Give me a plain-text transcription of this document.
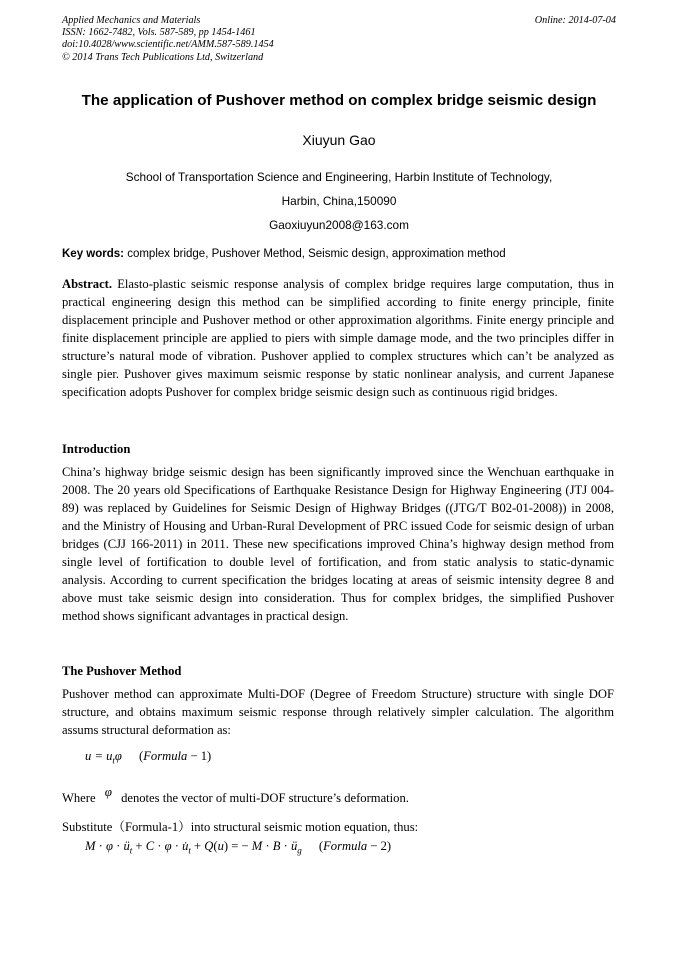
Applied Mechanics and Materials
ISSN: 1662-7482, Vols. 587-589, pp 1454-1461
doi:10.4028/www.scientific.net/AMM.587-589.1454
© 2014 Trans Tech Publications Ltd, Switzerland
Online: 2014-07-04
The application of Pushover method on complex bridge seismic design
Xiuyun Gao
School of Transportation Science and Engineering, Harbin Institute of Technology,
Harbin, China,150090
Gaoxiuyun2008@163.com
Key words: complex bridge, Pushover Method, Seismic design, approximation method
Abstract. Elasto-plastic seismic response analysis of complex bridge requires large computation, thus in practical engineering design this method can be simplified according to finite energy principle, finite displacement principle and Pushover method or other approximation algorithms. Finite energy principle and finite displacement principle are applied to piers with simple damage mode, and the two principles differ in structure’s natural mode of vibration. Pushover applied to complex structures which can’t be analyzed as single pier. Pushover gives maximum seismic response by static nonlinear analysis, and current Japanese specification adopts Pushover for complex bridge seismic design such as continuous rigid bridges.
Introduction
China’s highway bridge seismic design has been significantly improved since the Wenchuan earthquake in 2008. The 20 years old Specifications of Earthquake Resistance Design for Highway Engineering (JTJ 004-89) was replaced by Guidelines for Seismic Design of Highway Bridges ((JTG/T B02-01-2008)) in 2008, and the Ministry of Housing and Urban-Rural Development of PRC issued Code for seismic design of urban bridges (CJJ 166-2011) in 2011. These new specifications improved China’s highway design method from single level of fortification to double level of fortification, and from static analysis to static-dynamic analysis. According to current specification the bridges locating at areas of seismic intensity degree 8 and above must take seismic design into consideration. Thus for complex bridges, the simplified Pushover method shows significant advantages in practical design.
The Pushover Method
Pushover method can approximate Multi-DOF (Degree of Freedom Structure) structure with single DOF structure, and obtains maximum seismic response through relatively simpler calculation. The algorithm assums structural deformation as:
$u = u_t\varphi$ (Formula − 1)
Where φ denotes the vector of multi-DOF structure’s deformation.
Substitute（Formula-1）into structural seismic motion equation, thus:
$M \cdot \varphi \cdot ü_t + C \cdot \varphi$ · $u̇_t + Q(u)$ = − $M \cdot B \cdot ü_g$ (Formula − 2)
